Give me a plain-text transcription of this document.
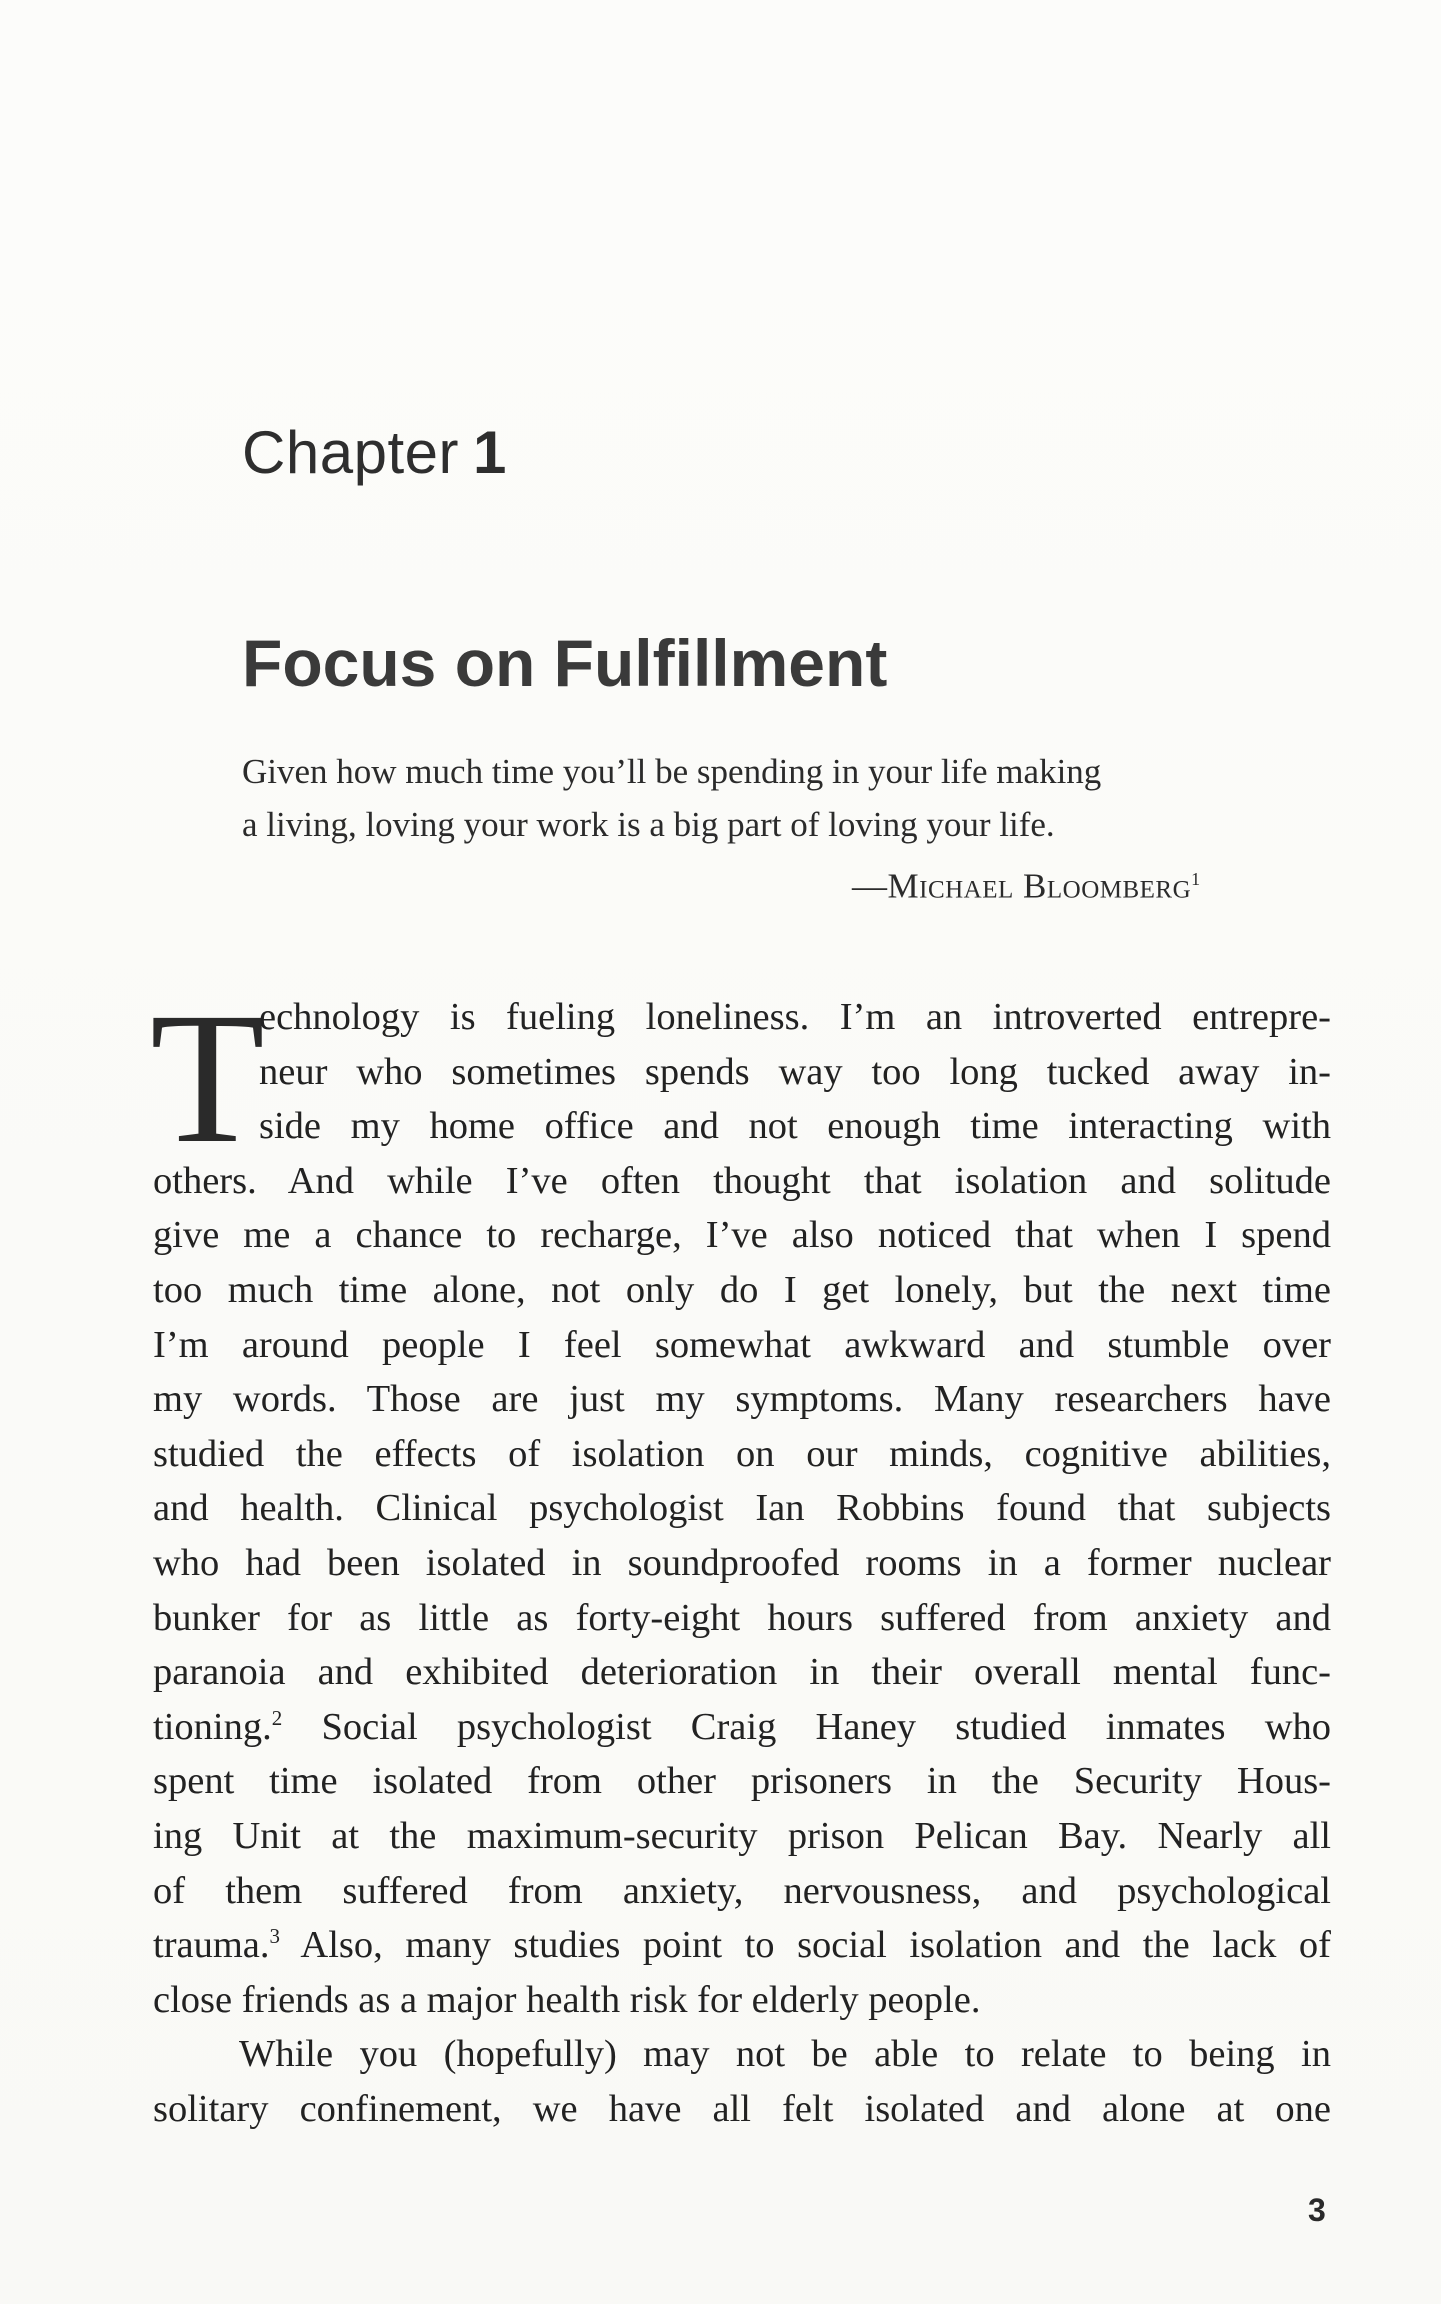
Chapter 1
Focus on Fulfillment
Given how much time you’ll be spending in your life making
a living, loving your work is a big part of loving your life.
—Michael Bloomberg$^1$
T
echnology is fueling loneliness. I’m an introverted entrepre-
neur who sometimes spends way too long tucked away in-
side my home office and not enough time interacting with
others. And while I’ve often thought that isolation and solitude
give me a chance to recharge, I’ve also noticed that when I spend
too much time alone, not only do I get lonely, but the next time
I’m around people I feel somewhat awkward and stumble over
my words. Those are just my symptoms. Many researchers have
studied the effects of isolation on our minds, cognitive abilities,
and health. Clinical psychologist Ian Robbins found that subjects
who had been isolated in soundproofed rooms in a former nuclear
bunker for as little as forty-eight hours suffered from anxiety and
paranoia and exhibited deterioration in their overall mental func-
tioning.$^2$ Social psychologist Craig Haney studied inmates who
spent time isolated from other prisoners in the Security Hous-
ing Unit at the maximum-security prison Pelican Bay. Nearly all
of them suffered from anxiety, nervousness, and psychological
trauma.$^3$ Also, many studies point to social isolation and the lack of
close friends as a major health risk for elderly people.
While you (hopefully) may not be able to relate to being in
solitary confinement, we have all felt isolated and alone at one
3
